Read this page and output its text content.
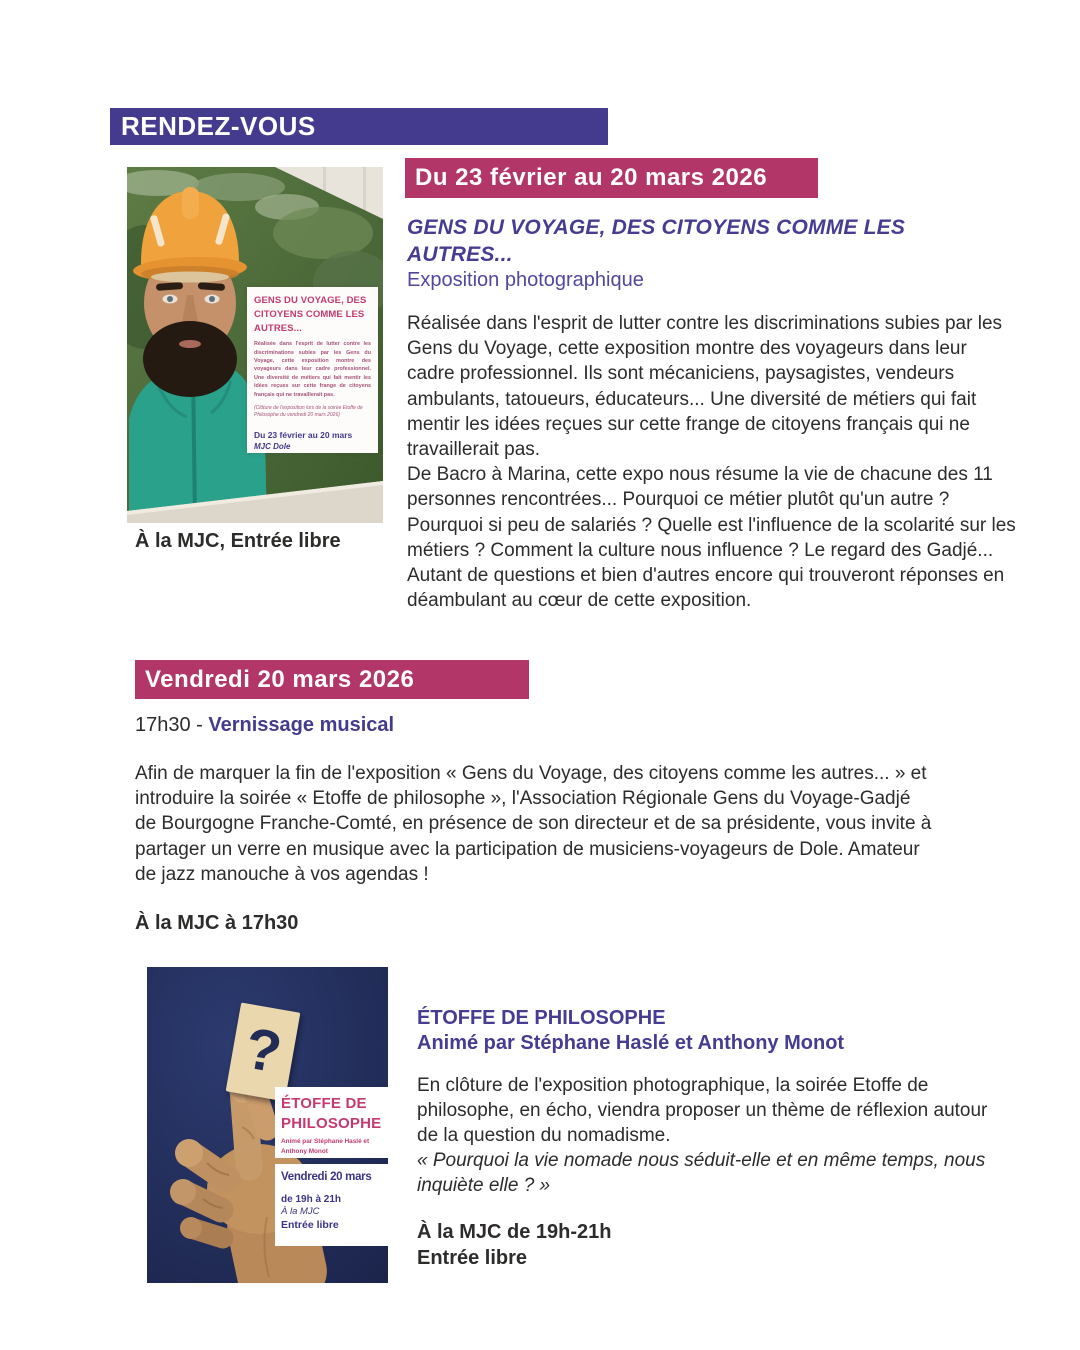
RENDEZ-VOUS
GENS DU VOYAGE, DES CITOYENS COMME LES AUTRES...
Réalisée dans l'esprit de lutter contre les discriminations subies par les Gens du Voyage, cette exposition montre des voyageurs dans leur cadre professionnel. Une diversité de métiers qui fait mentir les idées reçues sur cette frange de citoyens français qui ne travaillerait pas.
(Clôture de l'exposition lors de la soirée Etoffe de Philosophe du vendredi 20 mars 2026)
Du 23 février au 20 mars
MJC Dole
À la MJC, Entrée libre
Du 23 février au 20 mars 2026
GENS DU VOYAGE, DES CITOYENS COMME LES AUTRES...
Exposition photographique

Réalisée dans l'esprit de lutter contre les discriminations subies par les Gens du Voyage, cette exposition montre des voyageurs dans leur cadre professionnel. Ils sont mécaniciens, paysagistes, vendeurs ambulants, tatoueurs, éducateurs... Une diversité de métiers qui fait mentir les idées reçues sur cette frange de citoyens français qui ne travaillerait pas.

De Bacro à Marina, cette expo nous résume la vie de chacune des 11 personnes rencontrées... Pourquoi ce métier plutôt qu'un autre ? Pourquoi si peu de salariés ? Quelle est l'influence de la scolarité sur les métiers ? Comment la culture nous influence ? Le regard des Gadjé...

Autant de questions et bien d'autres encore qui trouveront réponses en déambulant au cœur de cette exposition.

Vendredi 20 mars 2026
17h30 - Vernissage musical

Afin de marquer la fin de l'exposition « Gens du Voyage, des citoyens comme les autres... » et introduire la soirée « Etoffe de philosophe », l'Association Régionale Gens du Voyage-Gadjé de Bourgogne Franche-Comté, en présence de son directeur et de sa présidente, vous invite à partager un verre en musique avec la participation de musiciens-voyageurs de Dole. Amateur de jazz manouche à vos agendas !

À la MJC à 17h30
?
ÉTOFFE DE
PHILOSOPHE
Animé par Stéphane Haslé et
Anthony Monot
Vendredi 20 mars
de 19h à 21h
À la MJC
Entrée libre
ÉTOFFE DE PHILOSOPHE
Animé par Stéphane Haslé et Anthony Monot

En clôture de l'exposition photographique, la soirée Etoffe de philosophe, en écho, viendra proposer un thème de réflexion autour de la question du nomadisme.

« Pourquoi la vie nomade nous séduit-elle et en même temps, nous inquiète elle ? »

À la MJC de 19h-21h
Entrée libre
